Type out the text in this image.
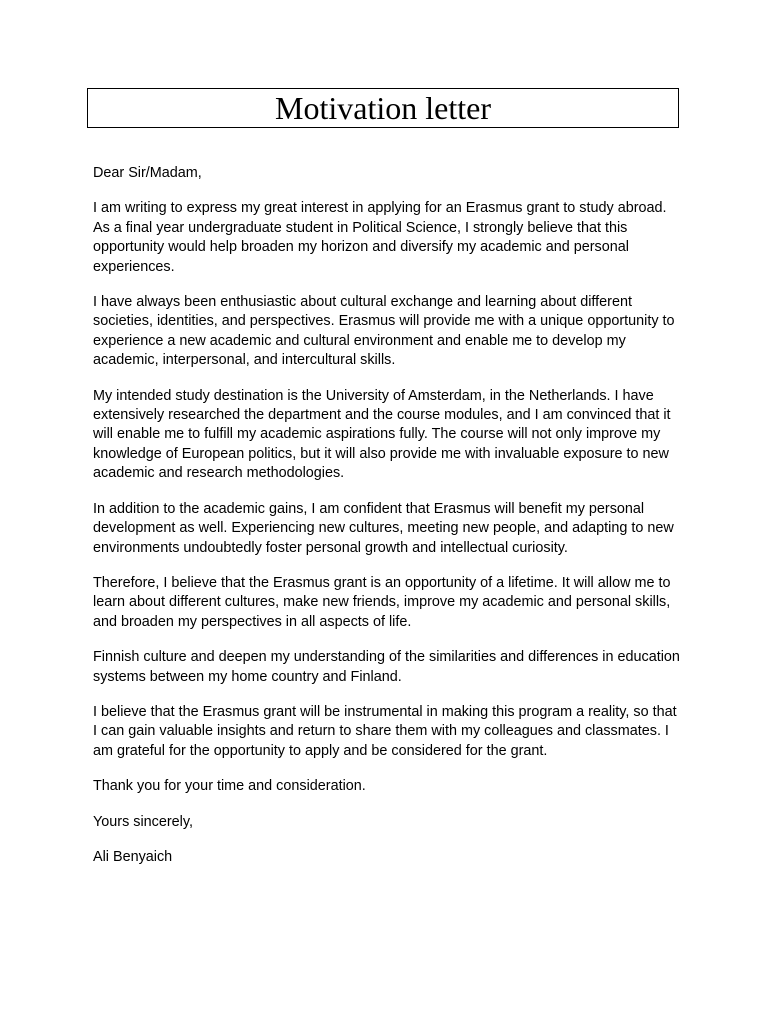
Motivation letter

Dear Sir/Madam,

I am writing to express my great interest in applying for an Erasmus grant to study abroad. As a final year undergraduate student in Political Science, I strongly believe that this opportunity would help broaden my horizon and diversify my academic and personal experiences.

I have always been enthusiastic about cultural exchange and learning about different societies, identities, and perspectives. Erasmus will provide me with a unique opportunity to experience a new academic and cultural environment and enable me to develop my academic, interpersonal, and intercultural skills.

My intended study destination is the University of Amsterdam, in the Netherlands. I have extensively researched the department and the course modules, and I am convinced that it will enable me to fulfill my academic aspirations fully. The course will not only improve my knowledge of European politics, but it will also provide me with invaluable exposure to new academic and research methodologies.

In addition to the academic gains, I am confident that Erasmus will benefit my personal development as well. Experiencing new cultures, meeting new people, and adapting to new environments undoubtedly foster personal growth and intellectual curiosity.

Therefore, I believe that the Erasmus grant is an opportunity of a lifetime. It will allow me to learn about different cultures, make new friends, improve my academic and personal skills, and broaden my perspectives in all aspects of life.

Finnish culture and deepen my understanding of the similarities and differences in education systems between my home country and Finland.

I believe that the Erasmus grant will be instrumental in making this program a reality, so that I can gain valuable insights and return to share them with my colleagues and classmates. I am grateful for the opportunity to apply and be considered for the grant.

Thank you for your time and consideration.

Yours sincerely,

Ali Benyaich
